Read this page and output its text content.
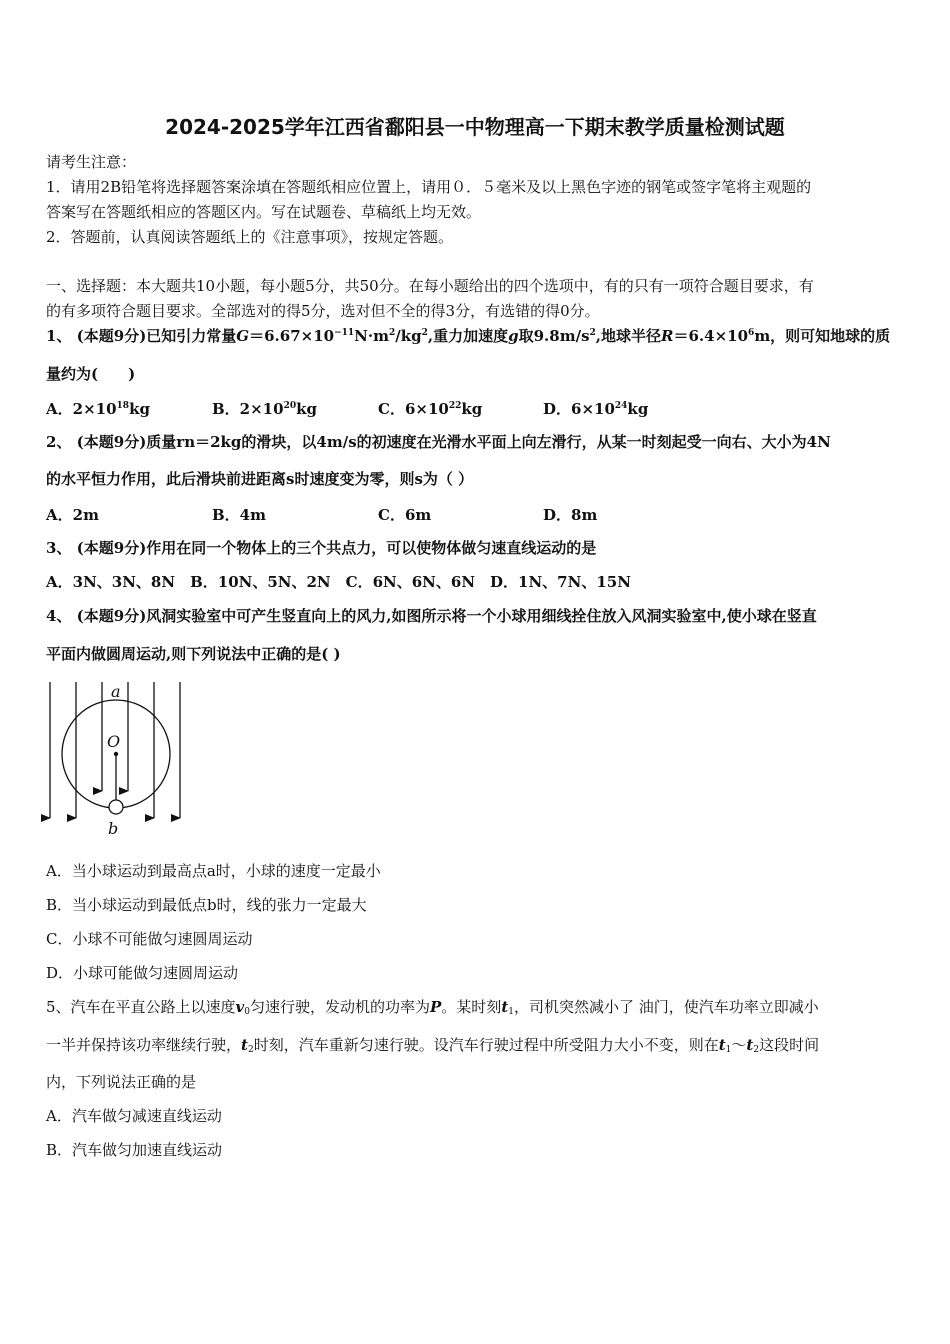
2024-2025学年江西省鄱阳县一中物理高一下期末教学质量检测试题
请考生注意：
1．请用2B铅笔将选择题答案涂填在答题纸相应位置上，请用０．５毫米及以上黑色字迹的钢笔或签字笔将主观题的
答案写在答题纸相应的答题区内。写在试题卷、草稿纸上均无效。
2．答题前，认真阅读答题纸上的《注意事项》，按规定答题。
一、选择题：本大题共10小题，每小题5分，共50分。在每小题给出的四个选项中，有的只有一项符合题目要求，有
的有多项符合题目要求。全部选对的得5分，选对但不全的得3分，有选错的得0分。
1、 (本题9分)已知引力常量$G=6.67\times 10^{-11}N\cdot m^2/kg^2$,重力加速度g取$9.8m/s^2$,地球半径$R=6.4\times 10^6m$，则可知地球的质
量约为(　　)
A．$2\times 10^{18}kg$	B．$2\times 10^{20}kg$	C．$6\times 10^{22}kg$	D．$6\times 10^{24}kg$
2、 (本题9分)质量rn＝2kg的滑块，以4m/s的初速度在光滑水平面上向左滑行，从某一时刻起受一向右、大小为4N
的水平恒力作用，此后滑块前进距离s时速度变为零，则s为（ ）
A．2m	B．4m	C．6m	D．8m
3、 (本题9分)作用在同一个物体上的三个共点力，可以使物体做匀速直线运动的是
A．3N、3N、8N　B．10N、5N、2N　C．6N、6N、6N　D．1N、7N、15N
4、 (本题9分)风洞实验室中可产生竖直向上的风力,如图所示将一个小球用细线拴住放入风洞实验室中,使小球在竖直
平面内做圆周运动,则下列说法中正确的是( )
a
O
b
A．当小球运动到最高点a时，小球的速度一定最小
B．当小球运动到最低点b时，线的张力一定最大
C．小球不可能做匀速圆周运动
D．小球可能做匀速圆周运动
5、汽车在平直公路上以速度$v_0$匀速行驶，发动机的功率为P。某时刻$t_1$，司机突然减小了 油门，使汽车功率立即减小
一半并保持该功率继续行驶，$t_2$时刻，汽车重新匀速行驶。设汽车行驶过程中所受阻力大小不变，则在$t_1\sim t_2$这段时间
内，下列说法正确的是
A．汽车做匀减速直线运动
B．汽车做匀加速直线运动
